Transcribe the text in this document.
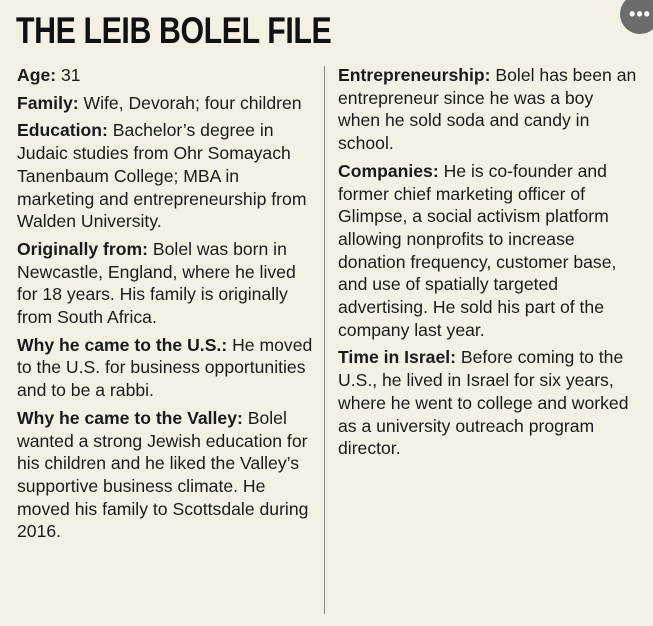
THE LEIB BOLEL FILE	•••

Age: 31

Family: Wife, Devorah; four children

Education: Bachelor’s degree in Judaic studies from Ohr Somayach Tanenbaum College; MBA in marketing and entrepreneurship from Walden University.

Originally from: Bolel was born in Newcastle, England, where he lived for 18 years. His family is originally from South Africa.

Why he came to the U.S.: He moved to the U.S. for business opportunities and to be a rabbi.

Why he came to the Valley: Bolel wanted a strong Jewish education for his children and he liked the Valley’s supportive business climate. He moved his family to Scottsdale during 2016.

Entrepreneurship: Bolel has been an entrepreneur since he was a boy when he sold soda and candy in school.

Companies: He is co-founder and former chief marketing officer of Glimpse, a social activism platform allowing nonprofits to increase donation frequency, customer base, and use of spatially targeted advertising. He sold his part of the company last year.

Time in Israel: Before coming to the U.S., he lived in Israel for six years, where he went to college and worked as a university outreach program director.
